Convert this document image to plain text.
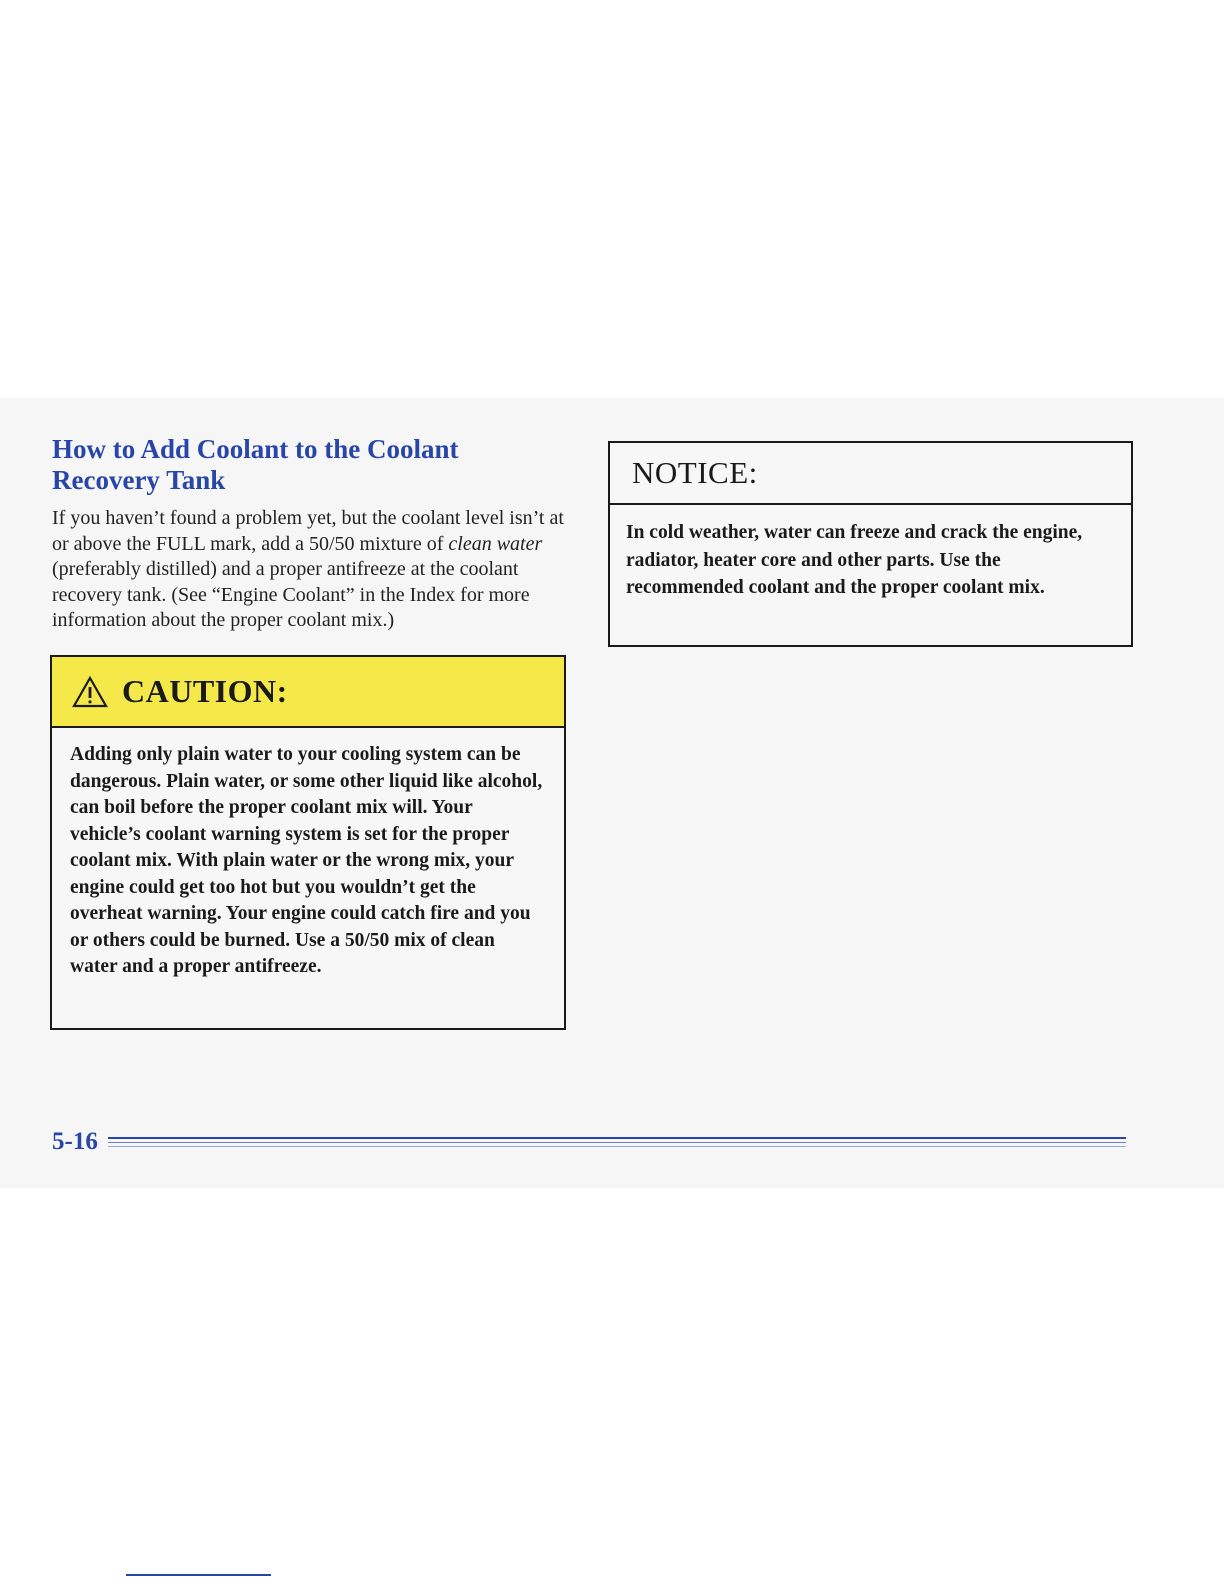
How to Add Coolant to the Coolant
Recovery Tank

If you haven’t found a problem yet, but the coolant level isn’t at or above the FULL mark, add a 50/50 mixture of clean water (preferably distilled) and a proper antifreeze at the coolant recovery tank. (See “Engine Coolant” in the Index for more information about the proper coolant mix.)

CAUTION:

Adding only plain water to your cooling system can be dangerous. Plain water, or some other liquid like alcohol, can boil before the proper coolant mix will. Your vehicle’s coolant warning system is set for the proper coolant mix. With plain water or the wrong mix, your engine could get too hot but you wouldn’t get the overheat warning. Your engine could catch fire and you or others could be burned. Use a 50/50 mix of clean water and a proper antifreeze.

NOTICE:

In cold weather, water can freeze and crack the engine, radiator, heater core and other parts. Use the recommended coolant and the proper coolant mix.

5-16
